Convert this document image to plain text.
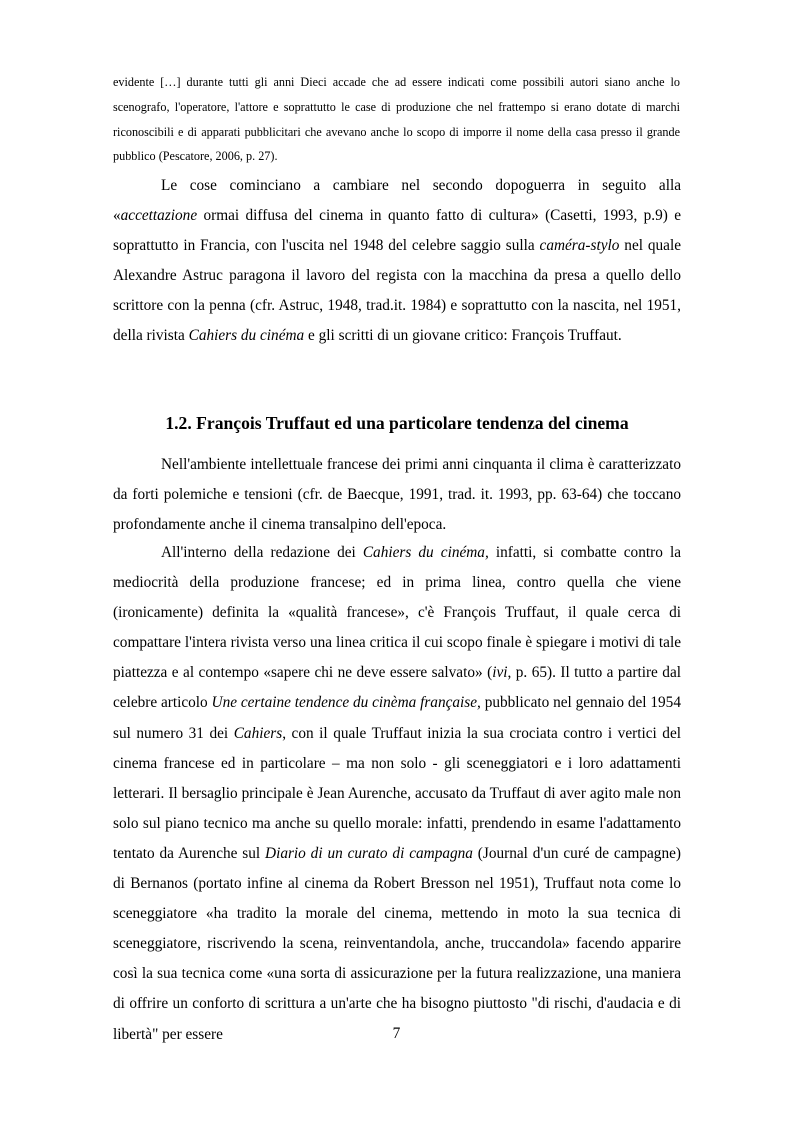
evidente […] durante tutti gli anni Dieci accade che ad essere indicati come possibili autori siano anche lo scenografo, l'operatore, l'attore e soprattutto le case di produzione che nel frattempo si erano dotate di marchi riconoscibili e di apparati pubblicitari che avevano anche lo scopo di imporre il nome della casa presso il grande pubblico (Pescatore, 2006, p. 27).

Le cose cominciano a cambiare nel secondo dopoguerra in seguito alla «accettazione ormai diffusa del cinema in quanto fatto di cultura» (Casetti, 1993, p.9) e soprattutto in Francia, con l'uscita nel 1948 del celebre saggio sulla caméra-stylo nel quale Alexandre Astruc paragona il lavoro del regista con la macchina da presa a quello dello scrittore con la penna (cfr. Astruc, 1948, trad.it. 1984) e soprattutto con la nascita, nel 1951, della rivista Cahiers du cinéma e gli scritti di un giovane critico: François Truffaut.

1.2. François Truffaut ed una particolare tendenza del cinema

Nell'ambiente intellettuale francese dei primi anni cinquanta il clima è caratterizzato da forti polemiche e tensioni (cfr. de Baecque, 1991, trad. it. 1993, pp. 63-64) che toccano profondamente anche il cinema transalpino dell'epoca.

All'interno della redazione dei Cahiers du cinéma, infatti, si combatte contro la mediocrità della produzione francese; ed in prima linea, contro quella che viene (ironicamente) definita la «qualità francese», c'è François Truffaut, il quale cerca di compattare l'intera rivista verso una linea critica il cui scopo finale è spiegare i motivi di tale piattezza e al contempo «sapere chi ne deve essere salvato» (ivi, p. 65). Il tutto a partire dal celebre articolo Une certaine tendence du cinèma française, pubblicato nel gennaio del 1954 sul numero 31 dei Cahiers, con il quale Truffaut inizia la sua crociata contro i vertici del cinema francese ed in particolare – ma non solo - gli sceneggiatori e i loro adattamenti letterari. Il bersaglio principale è Jean Aurenche, accusato da Truffaut di aver agito male non solo sul piano tecnico ma anche su quello morale: infatti, prendendo in esame l'adattamento tentato da Aurenche sul Diario di un curato di campagna (Journal d'un curé de campagne) di Bernanos (portato infine al cinema da Robert Bresson nel 1951), Truffaut nota come lo sceneggiatore «ha tradito la morale del cinema, mettendo in moto la sua tecnica di sceneggiatore, riscrivendo la scena, reinventandola, anche, truccandola» facendo apparire così la sua tecnica come «una sorta di assicurazione per la futura realizzazione, una maniera di offrire un conforto di scrittura a un'arte che ha bisogno piuttosto "di rischi, d'audacia e di libertà" per essere	7
